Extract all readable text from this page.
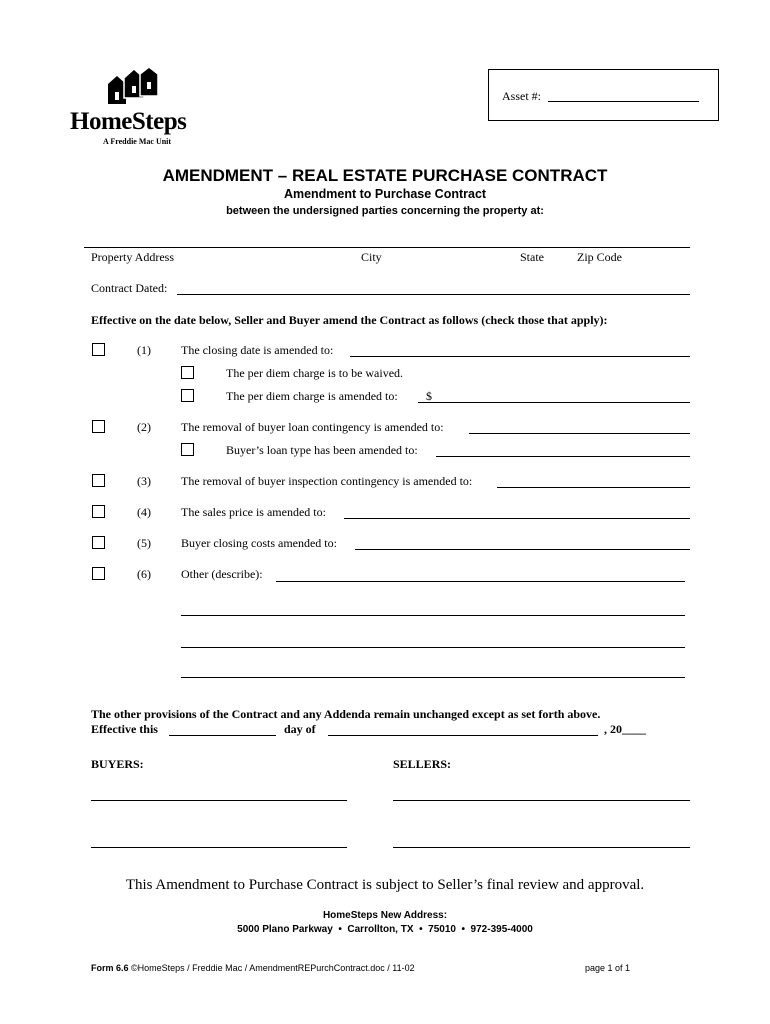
HomeSteps
A Freddie Mac Unit
Asset #:
AMENDMENT – REAL ESTATE PURCHASE CONTRACT
Amendment to Purchase Contract
between the undersigned parties concerning the property at:
Property Address	City	State	Zip Code
Contract Dated:
Effective on the date below, Seller and Buyer amend the Contract as follows (check those that apply):
(1)	The closing date is amended to:
The per diem charge is to be waived.
The per diem charge is amended to: $
(2)	The removal of buyer loan contingency is amended to:
Buyer’s loan type has been amended to:
(3)	The removal of buyer inspection contingency is amended to:
(4)	The sales price is amended to:
(5)	Buyer closing costs amended to:
(6)	Other (describe):
The other provisions of the Contract and any Addenda remain unchanged except as set forth above.
Effective this	day of	, 20____
BUYERS:	SELLERS:
This Amendment to Purchase Contract is subject to Seller’s final review and approval.
HomeSteps New Address:
5000 Plano Parkway  •  Carrollton, TX  •  75010  •  972-395-4000
Form 6.6 ©HomeSteps / Freddie Mac / AmendmentREPurchContract.doc / 11-02	page 1 of 1
